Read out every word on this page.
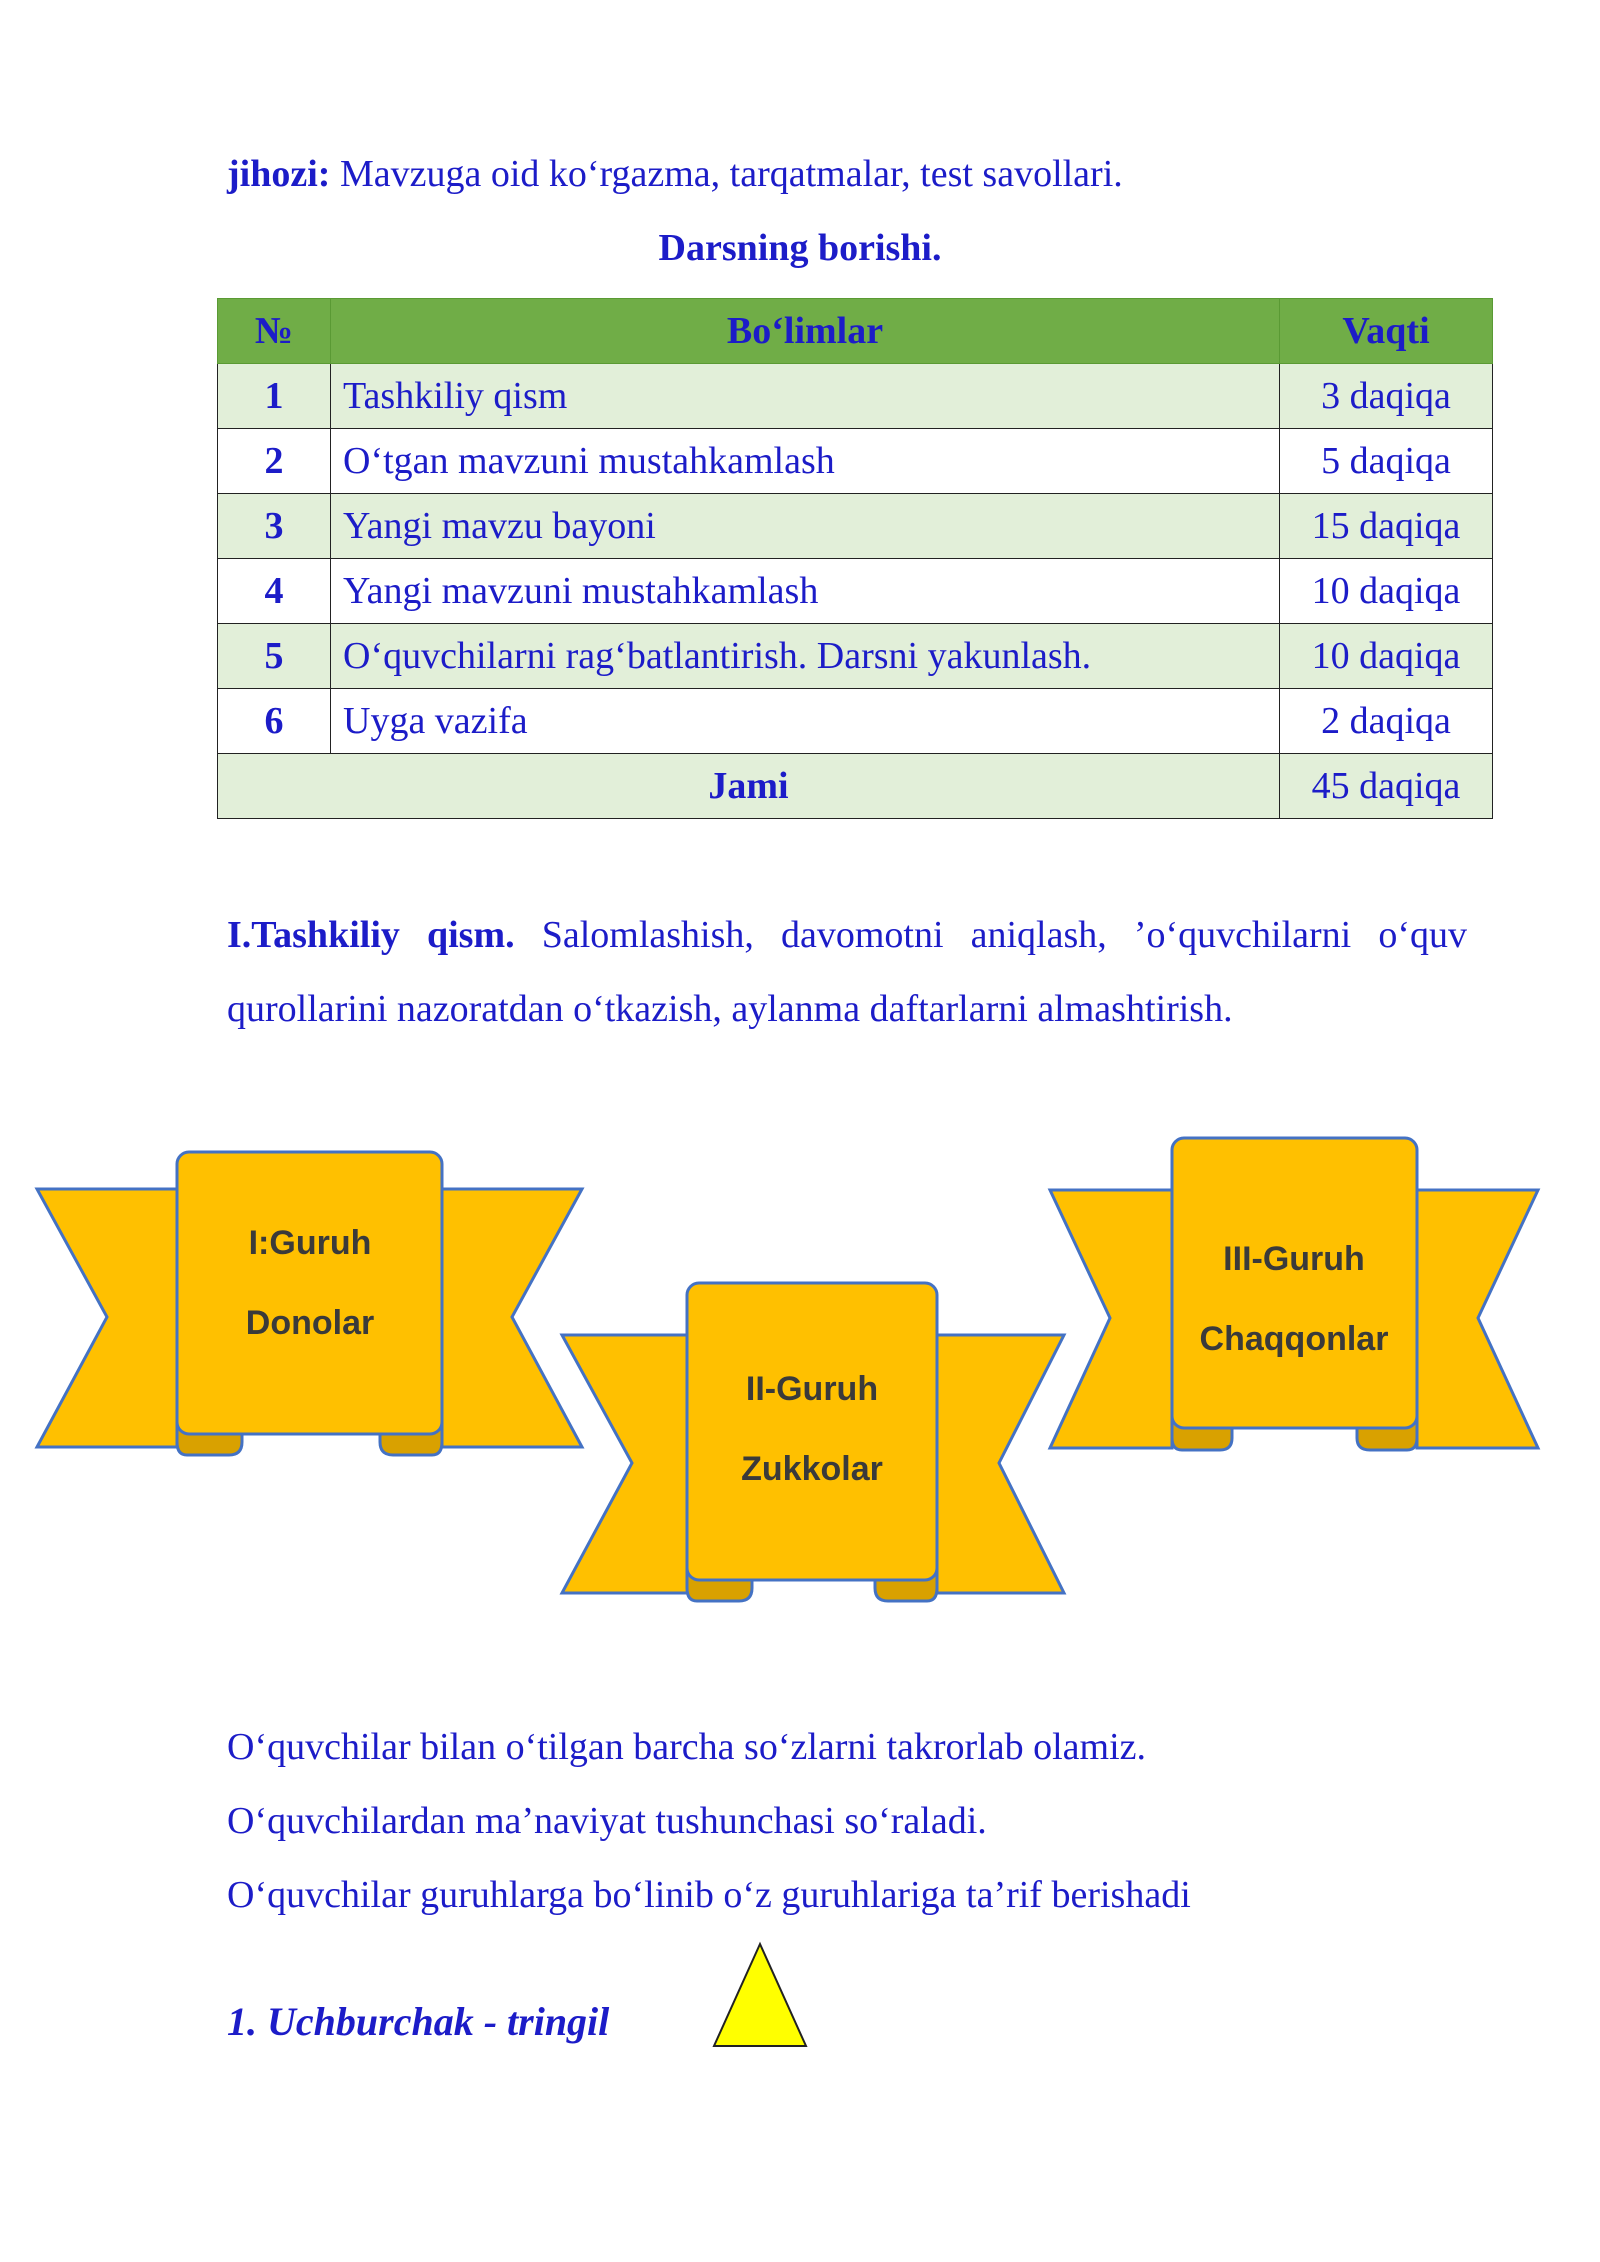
jihozi: Mavzuga oid ko‘rgazma, tarqatmalar, test savollari.
Darsning borishi.
№	Bo‘limlar	Vaqti
1	Tashkiliy qism	3 daqiqa
2	O‘tgan mavzuni mustahkamlash	5 daqiqa
3	Yangi mavzu bayoni	15 daqiqa
4	Yangi mavzuni mustahkamlash	10 daqiqa
5	O‘quvchilarni rag‘batlantirish. Darsni yakunlash.	10 daqiqa
6	Uyga vazifa	2 daqiqa
Jami		45 daqiqa
I.Tashkiliy qism. Salomlashish, davomotni aniqlash, ’o‘quvchilarni o‘quv qurollarini nazoratdan o‘tkazish, aylanma daftarlarni almashtirish.
I:Guruh
Donolar
II-Guruh
Zukkolar
III-Guruh
Chaqqonlar
O‘quvchilar bilan o‘tilgan barcha so‘zlarni takrorlab olamiz.
O‘quvchilardan ma’naviyat tushunchasi so‘raladi.
O‘quvchilar guruhlarga bo‘linib o‘z guruhlariga ta’rif berishadi
1. Uchburchak - tringil
